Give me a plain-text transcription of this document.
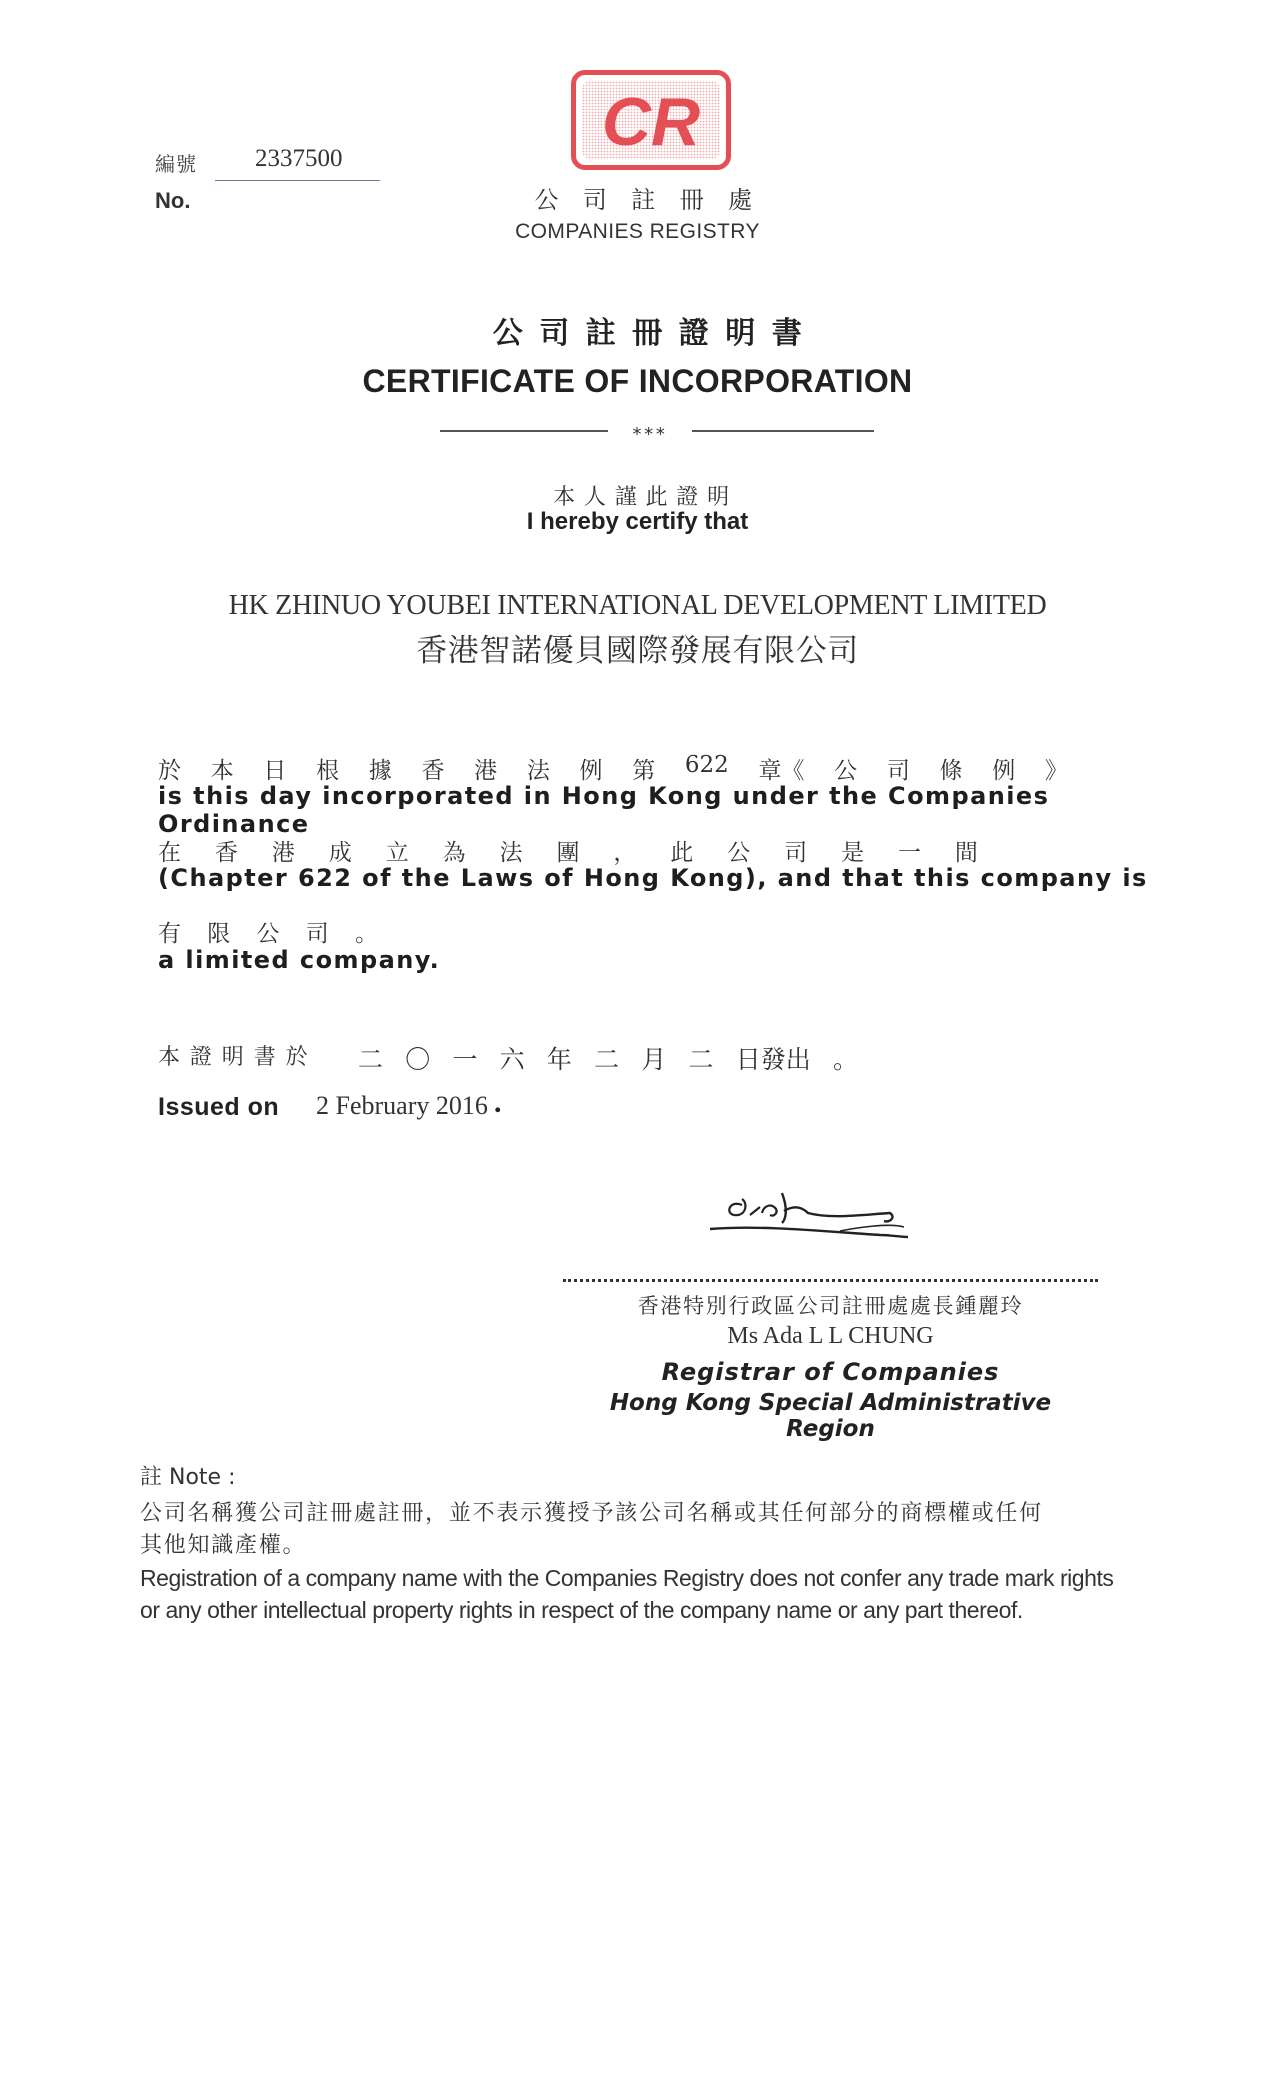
編號
No.
2337500	CR
公 司 註 冊 處
COMPANIES REGISTRY
公司註冊證明書
CERTIFICATE OF INCORPORATION
***
本人謹此證明
I hereby certify that
HK ZHINUO YOUBEI INTERNATIONAL DEVELOPMENT LIMITED
香港智諾優貝國際發展有限公司
於 本 日 根 據 香 港 法 例 第 622 章《 公 司 條 例 》
is this day incorporated in Hong Kong under the Companies Ordinance
在 香 港 成 立 為 法 團 ， 此 公 司 是 一 間
(Chapter 622 of the Laws of Hong Kong), and that this company is
有 限 公 司 。
a limited company.
本證明書於 二 〇 一 六 年 二 月 二 日發出 。
Issued on 2 February 2016 .
香港特別行政區公司註冊處處長鍾麗玲
Ms Ada L L CHUNG
Registrar of Companies
Hong Kong Special Administrative Region
註 Note :
公司名稱獲公司註冊處註冊，並不表示獲授予該公司名稱或其任何部分的商標權或任何
其他知識產權。
Registration of a company name with the Companies Registry does not confer any trade mark rights
or any other intellectual property rights in respect of the company name or any part thereof.
